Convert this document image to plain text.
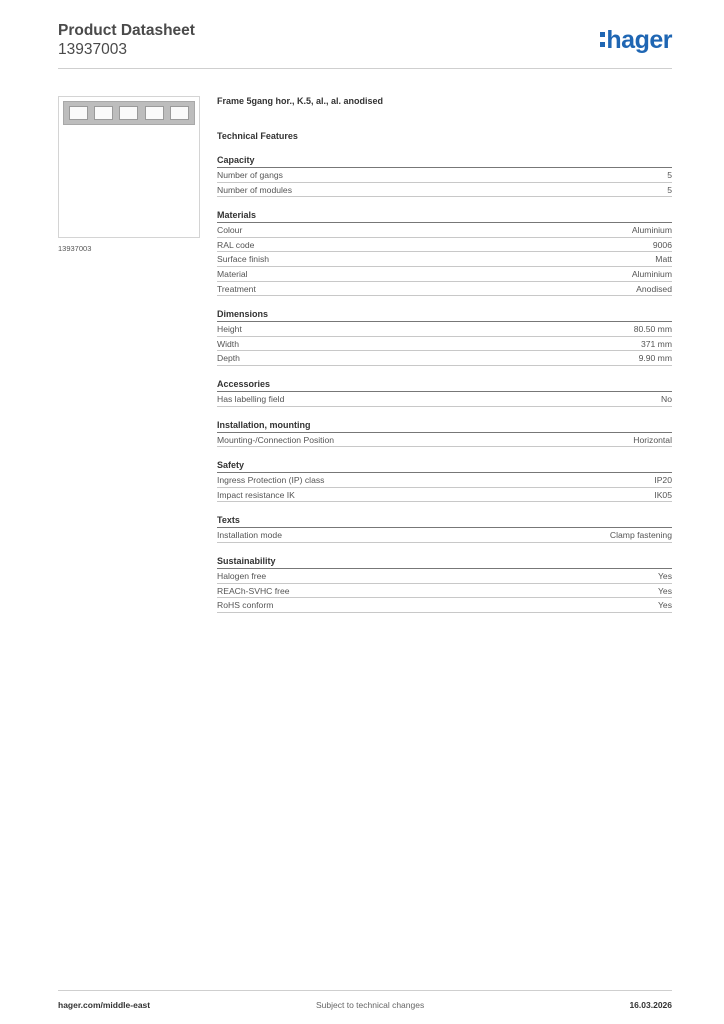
Product Datasheet
13937003	hager
13937003
Frame 5gang hor., K.5, al., al. anodised
Technical Features
Capacity
Number of gangs	5
Number of modules	5
Materials
Colour	Aluminium
RAL code	9006
Surface finish	Matt
Material	Aluminium
Treatment	Anodised
Dimensions
Height	80.50 mm
Width	371 mm
Depth	9.90 mm
Accessories
Has labelling field	No
Installation, mounting
Mounting-/Connection Position	Horizontal
Safety
Ingress Protection (IP) class	IP20
Impact resistance IK	IK05
Texts
Installation mode	Clamp fastening
Sustainability
Halogen free	Yes
REACh-SVHC free	Yes
RoHS conform	Yes
hager.com/middle-east	Subject to technical changes	16.03.2026
